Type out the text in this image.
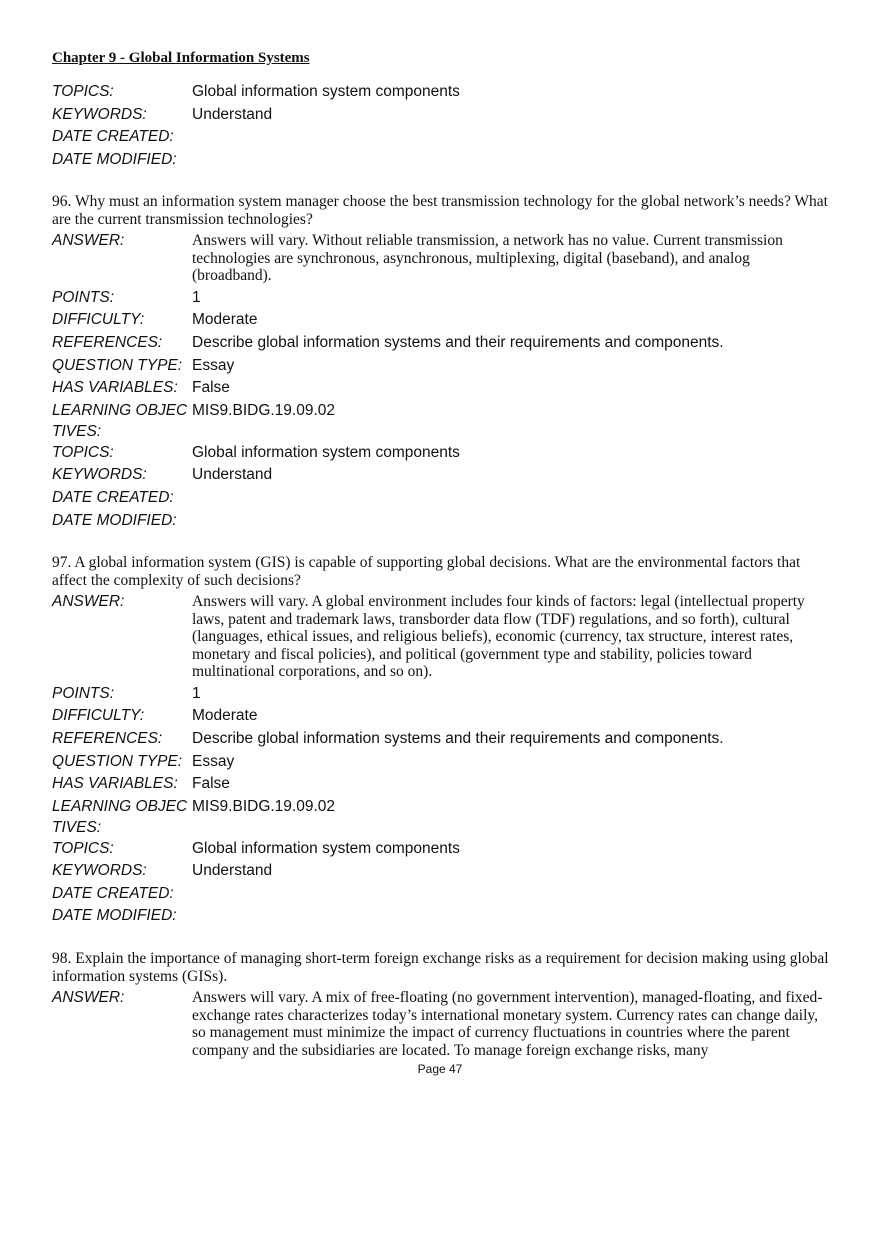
Chapter 9 - Global Information Systems
TOPICS:	Global information system components
KEYWORDS:	Understand
DATE CREATED:
DATE MODIFIED:
96. Why must an information system manager choose the best transmission technology for the global network’s needs? What are the current transmission technologies?
ANSWER:	Answers will vary. Without reliable transmission, a network has no value. Current transmission technologies are synchronous, asynchronous, multiplexing, digital (baseband), and analog (broadband).
POINTS:	1
DIFFICULTY:	Moderate
REFERENCES:	Describe global information systems and their requirements and components.
QUESTION TYPE: Essay
HAS VARIABLES: False
LEARNING OBJECTIVES:
MIS9.BIDG.19.09.02
TOPICS:	Global information system components
KEYWORDS:	Understand
DATE CREATED:
DATE MODIFIED:
97. A global information system (GIS) is capable of supporting global decisions. What are the environmental factors that affect the complexity of such decisions?
ANSWER:	Answers will vary. A global environment includes four kinds of factors: legal (intellectual property laws, patent and trademark laws, transborder data flow (TDF) regulations, and so forth), cultural (languages, ethical issues, and religious beliefs), economic (currency, tax structure, interest rates, monetary and fiscal policies), and political (government type and stability, policies toward multinational corporations, and so on).
POINTS:	1
DIFFICULTY:	Moderate
REFERENCES:	Describe global information systems and their requirements and components.
QUESTION TYPE: Essay
HAS VARIABLES: False
LEARNING OBJECTIVES:
MIS9.BIDG.19.09.02
TOPICS:	Global information system components
KEYWORDS:	Understand
DATE CREATED:
DATE MODIFIED:
98. Explain the importance of managing short-term foreign exchange risks as a requirement for decision making using global information systems (GISs).
ANSWER:	Answers will vary. A mix of free-floating (no government intervention), managed-floating, and fixed-exchange rates characterizes today’s international monetary system. Currency rates can change daily, so management must minimize the impact of currency fluctuations in countries where the parent company and the subsidiaries are located. To manage foreign exchange risks, many
Page 47
